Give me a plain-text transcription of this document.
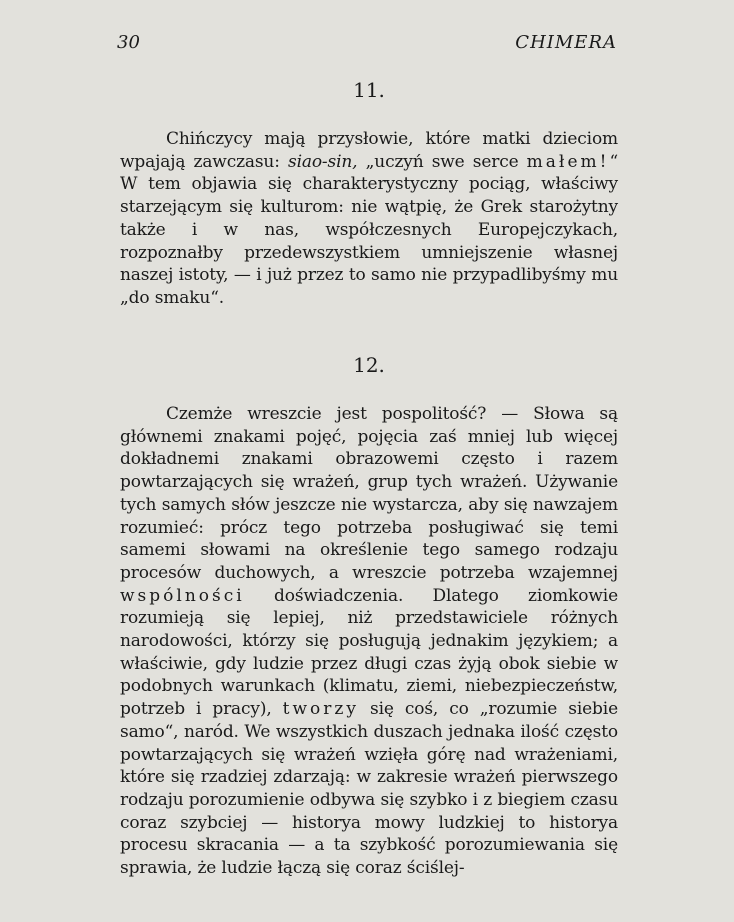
30	CHIMERA
11.

Chińczycy mają przysłowie, które matki dzieciom wpajają zawczasu: siao-sin, „uczyń swe serce małem!“ W tem objawia się charakterystyczny pociąg, właściwy starzejącym się kulturom: nie wątpię, że Grek starożytny także i w nas, współczesnych Europejczykach, rozpoznałby przedewszystkiem umniejszenie własnej naszej istoty, — i już przez to samo nie przypadlibyśmy mu „do smaku“.

12.

Czemże wreszcie jest pospolitość? — Słowa są głównemi znakami pojęć, pojęcia zaś mniej lub więcej dokładnemi znakami obrazowemi często i razem powtarzających się wrażeń, grup tych wrażeń. Używanie tych samych słów jeszcze nie wystarcza, aby się nawzajem rozumieć: prócz tego potrzeba posługiwać się temi samemi słowami na określenie tego samego rodzaju procesów duchowych, a wreszcie potrzeba wzajemnej wspólności doświadczenia. Dlatego ziomkowie rozumieją się lepiej, niż przedstawiciele różnych narodowości, którzy się posługują jednakim językiem; a właściwie, gdy ludzie przez długi czas żyją obok siebie w podobnych warunkach (klimatu, ziemi, niebezpieczeństw, potrzeb i pracy), tworzy się coś, co „rozumie siebie samo“, naród. We wszystkich duszach jednaka ilość często powtarzających się wrażeń wzięła górę nad wrażeniami, które się rzadziej zdarzają: w zakresie wrażeń pierwszego rodzaju porozumienie odbywa się szybko i z biegiem czasu coraz szybciej — historya mowy ludzkiej to historya procesu skracania — a ta szybkość porozumiewania się sprawia, że ludzie łączą się coraz ściślej-
